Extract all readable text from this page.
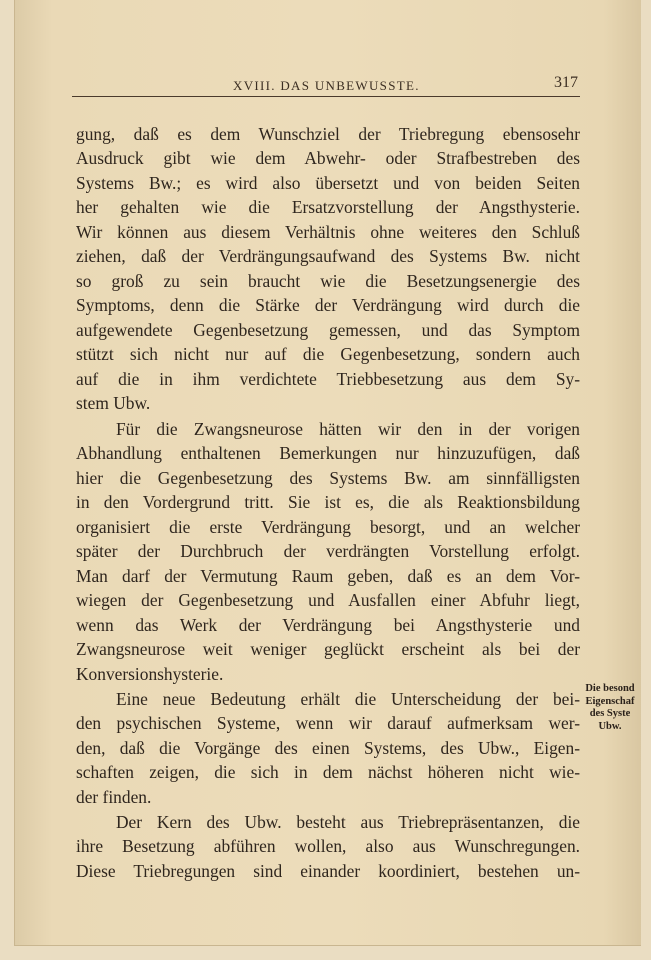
XVIII. DAS UNBEWUSSTE.	317
gung, daß es dem Wunschziel der Triebregung ebensosehr
Ausdruck gibt wie dem Abwehr- oder Strafbestreben des
Systems Bw.; es wird also übersetzt und von beiden Seiten
her gehalten wie die Ersatzvorstellung der Angsthysterie.
Wir können aus diesem Verhältnis ohne weiteres den Schluß
ziehen, daß der Verdrängungsaufwand des Systems Bw. nicht
so groß zu sein braucht wie die Besetzungsenergie des
Symptoms, denn die Stärke der Verdrängung wird durch die
aufgewendete Gegenbesetzung gemessen, und das Symptom
stützt sich nicht nur auf die Gegenbesetzung, sondern auch
auf die in ihm verdichtete Triebbesetzung aus dem Sy-
stem Ubw.
Für die Zwangsneurose hätten wir den in der vorigen
Abhandlung enthaltenen Bemerkungen nur hinzuzufügen, daß
hier die Gegenbesetzung des Systems Bw. am sinnfälligsten
in den Vordergrund tritt. Sie ist es, die als Reaktionsbildung
organisiert die erste Verdrängung besorgt, und an welcher
später der Durchbruch der verdrängten Vorstellung erfolgt.
Man darf der Vermutung Raum geben, daß es an dem Vor-
wiegen der Gegenbesetzung und Ausfallen einer Abfuhr liegt,
wenn das Werk der Verdrängung bei Angsthysterie und
Zwangsneurose weit weniger geglückt erscheint als bei der
Konversionshysterie.
Eine neue Bedeutung erhält die Unterscheidung der bei-
den psychischen Systeme, wenn wir darauf aufmerksam wer-
den, daß die Vorgänge des einen Systems, des Ubw., Eigen-
schaften zeigen, die sich in dem nächst höheren nicht wie-
der finden.
Der Kern des Ubw. besteht aus Triebrepräsentanzen, die
ihre Besetzung abführen wollen, also aus Wunschregungen.
Diese Triebregungen sind einander koordiniert, bestehen un-
Die besond
Eigenschaf
des Syste
Ubw.
